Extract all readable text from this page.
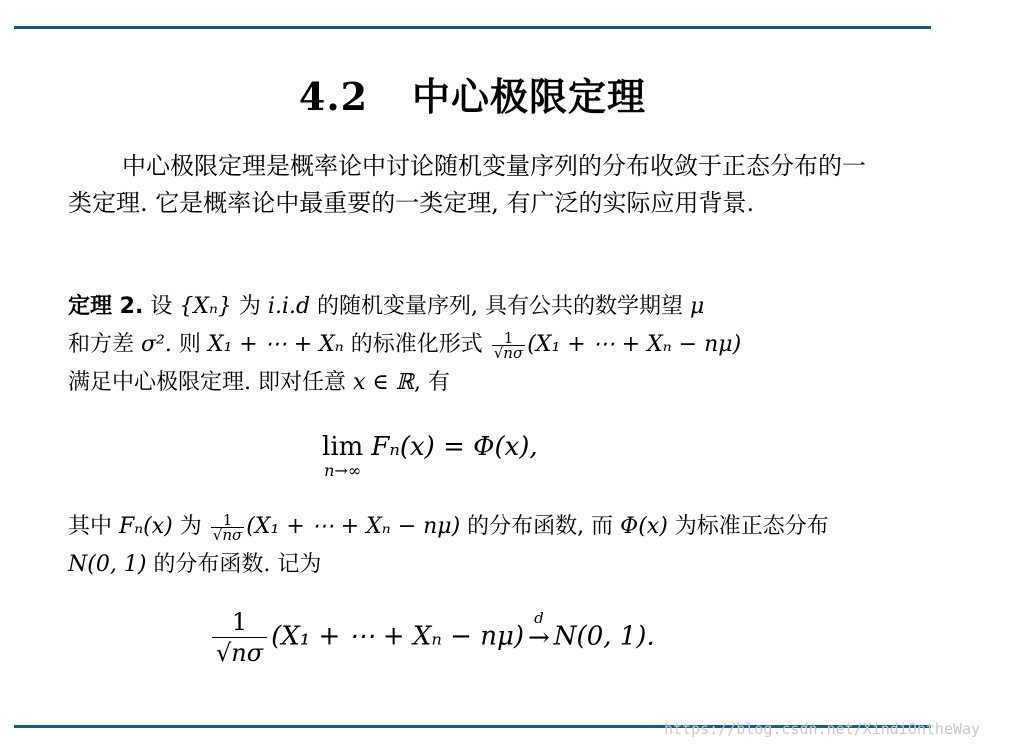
4.2 中心极限定理
中心极限定理是概率论中讨论随机变量序列的分布收敛于正态分布的一类定理. 它是概率论中最重要的一类定理, 有广泛的实际应用背景.
定理 2. 设 {Xₙ} 为 i.i.d 的随机变量序列, 具有公共的数学期望 μ
和方差 σ². 则 X₁ + ⋯ + Xₙ 的标准化形式 $\frac{1}{√n\sigma} (X_1$ + ⋯ + Xₙ − nμ)
满足中心极限定理. 即对任意 x ∈ ℝ, 有
lim
n→∞
Fₙ(x) = Φ(x),
其中 Fₙ(x) 为 $\frac{1}{√n\sigma} (X_1$ + ⋯ + Xₙ − nμ) 的分布函数, 而 Φ(x) 为标准正态分布 N(0, 1) 的分布函数. 记为
$\frac{1}{√n\sigma} (X_1$ + ⋯ + Xₙ − nμ)
d
→ N(0, 1).
https://blog.csdn.net/XindiOntheWay
